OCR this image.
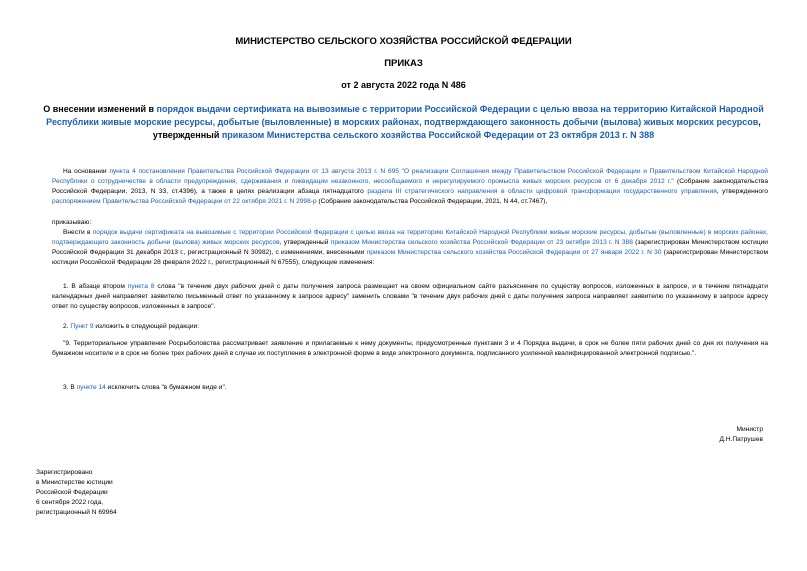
МИНИСТЕРСТВО СЕЛЬСКОГО ХОЗЯЙСТВА РОССИЙСКОЙ ФЕДЕРАЦИИ
ПРИКАЗ
от 2 августа 2022 года N 486
О внесении изменений в порядок выдачи сертификата на вывозимые с территории Российской Федерации с целью ввоза на территорию Китайской Народной Республики живые морские ресурсы, добытые (выловленные) в морских районах, подтверждающего законность добычи (вылова) живых морских ресурсов, утвержденный приказом Министерства сельского хозяйства Российской Федерации от 23 октября 2013 г. N 388
На основании пункта 4 постановления Правительства Российской Федерации от 13 августа 2013 г. N 695 "О реализации Соглашения между Правительством Российской Федерации и Правительством Китайской Народной Республики о сотрудничестве в области предупреждения, сдерживания и ликвидации незаконного, несообщаемого и нерегулируемого промысла живых морских ресурсов от 6 декабря 2012 г." (Собрание законодательства Российской Федерации, 2013, N 33, ст.4396), а также в целях реализации абзаца пятнадцатого раздела III стратегического направления в области цифровой трансформации государственного управления, утвержденного распоряжением Правительства Российской Федерации от 22 октября 2021 г. N 2998-р (Собрание законодательства Российской Федерации, 2021, N 44, ст.7467),
приказываю:
Внести в порядок выдачи сертификата на вывозимые с территории Российской Федерации с целью ввоза на территорию Китайской Народной Республики живые морские ресурсы, добытые (выловленные) в морских районах, подтверждающего законность добычи (вылова) живых морских ресурсов, утвержденный приказом Министерства сельского хозяйства Российской Федерации от 23 октября 2013 г. N 388 (зарегистрирован Министерством юстиции Российской Федерации 31 декабря 2013 г., регистрационный N 30982), с изменениями, внесенными приказом Министерства сельского хозяйства Российской Федерации от 27 января 2022 г. N 30 (зарегистрирован Министерством юстиции Российской Федерации 28 февраля 2022 г., регистрационный N 67555), следующие изменения:
1. В абзаце втором пункта 8 слова "в течение двух рабочих дней с даты получения запроса размещает на своем официальном сайте разъяснение по существу вопросов, изложенных в запросе, и в течение пятнадцати календарных дней направляет заявителю письменный ответ по указанному в запросе адресу" заменить словами "в течение двух рабочих дней с даты получения запроса направляет заявителю по указанному в запросе адресу ответ по существу вопросов, изложенных в запросе".
2. Пункт 9 изложить в следующей редакции:
"9. Территориальное управление Росрыболовства рассматривает заявление и прилагаемые к нему документы, предусмотренные пунктами 3 и 4 Порядка выдачи, в срок не более пяти рабочих дней со дня их получения на бумажном носителе и в срок не более трех рабочих дней в случае их поступления в электронной форме в виде электронного документа, подписанного усиленной квалифицированной электронной подписью.".
3. В пункте 14 исключить слова "в бумажном виде и".
Министр
Д.Н.Патрушев
Зарегистрировано
в Министерстве юстиции
Российской Федерации
6 сентября 2022 года,
регистрационный N 69964
